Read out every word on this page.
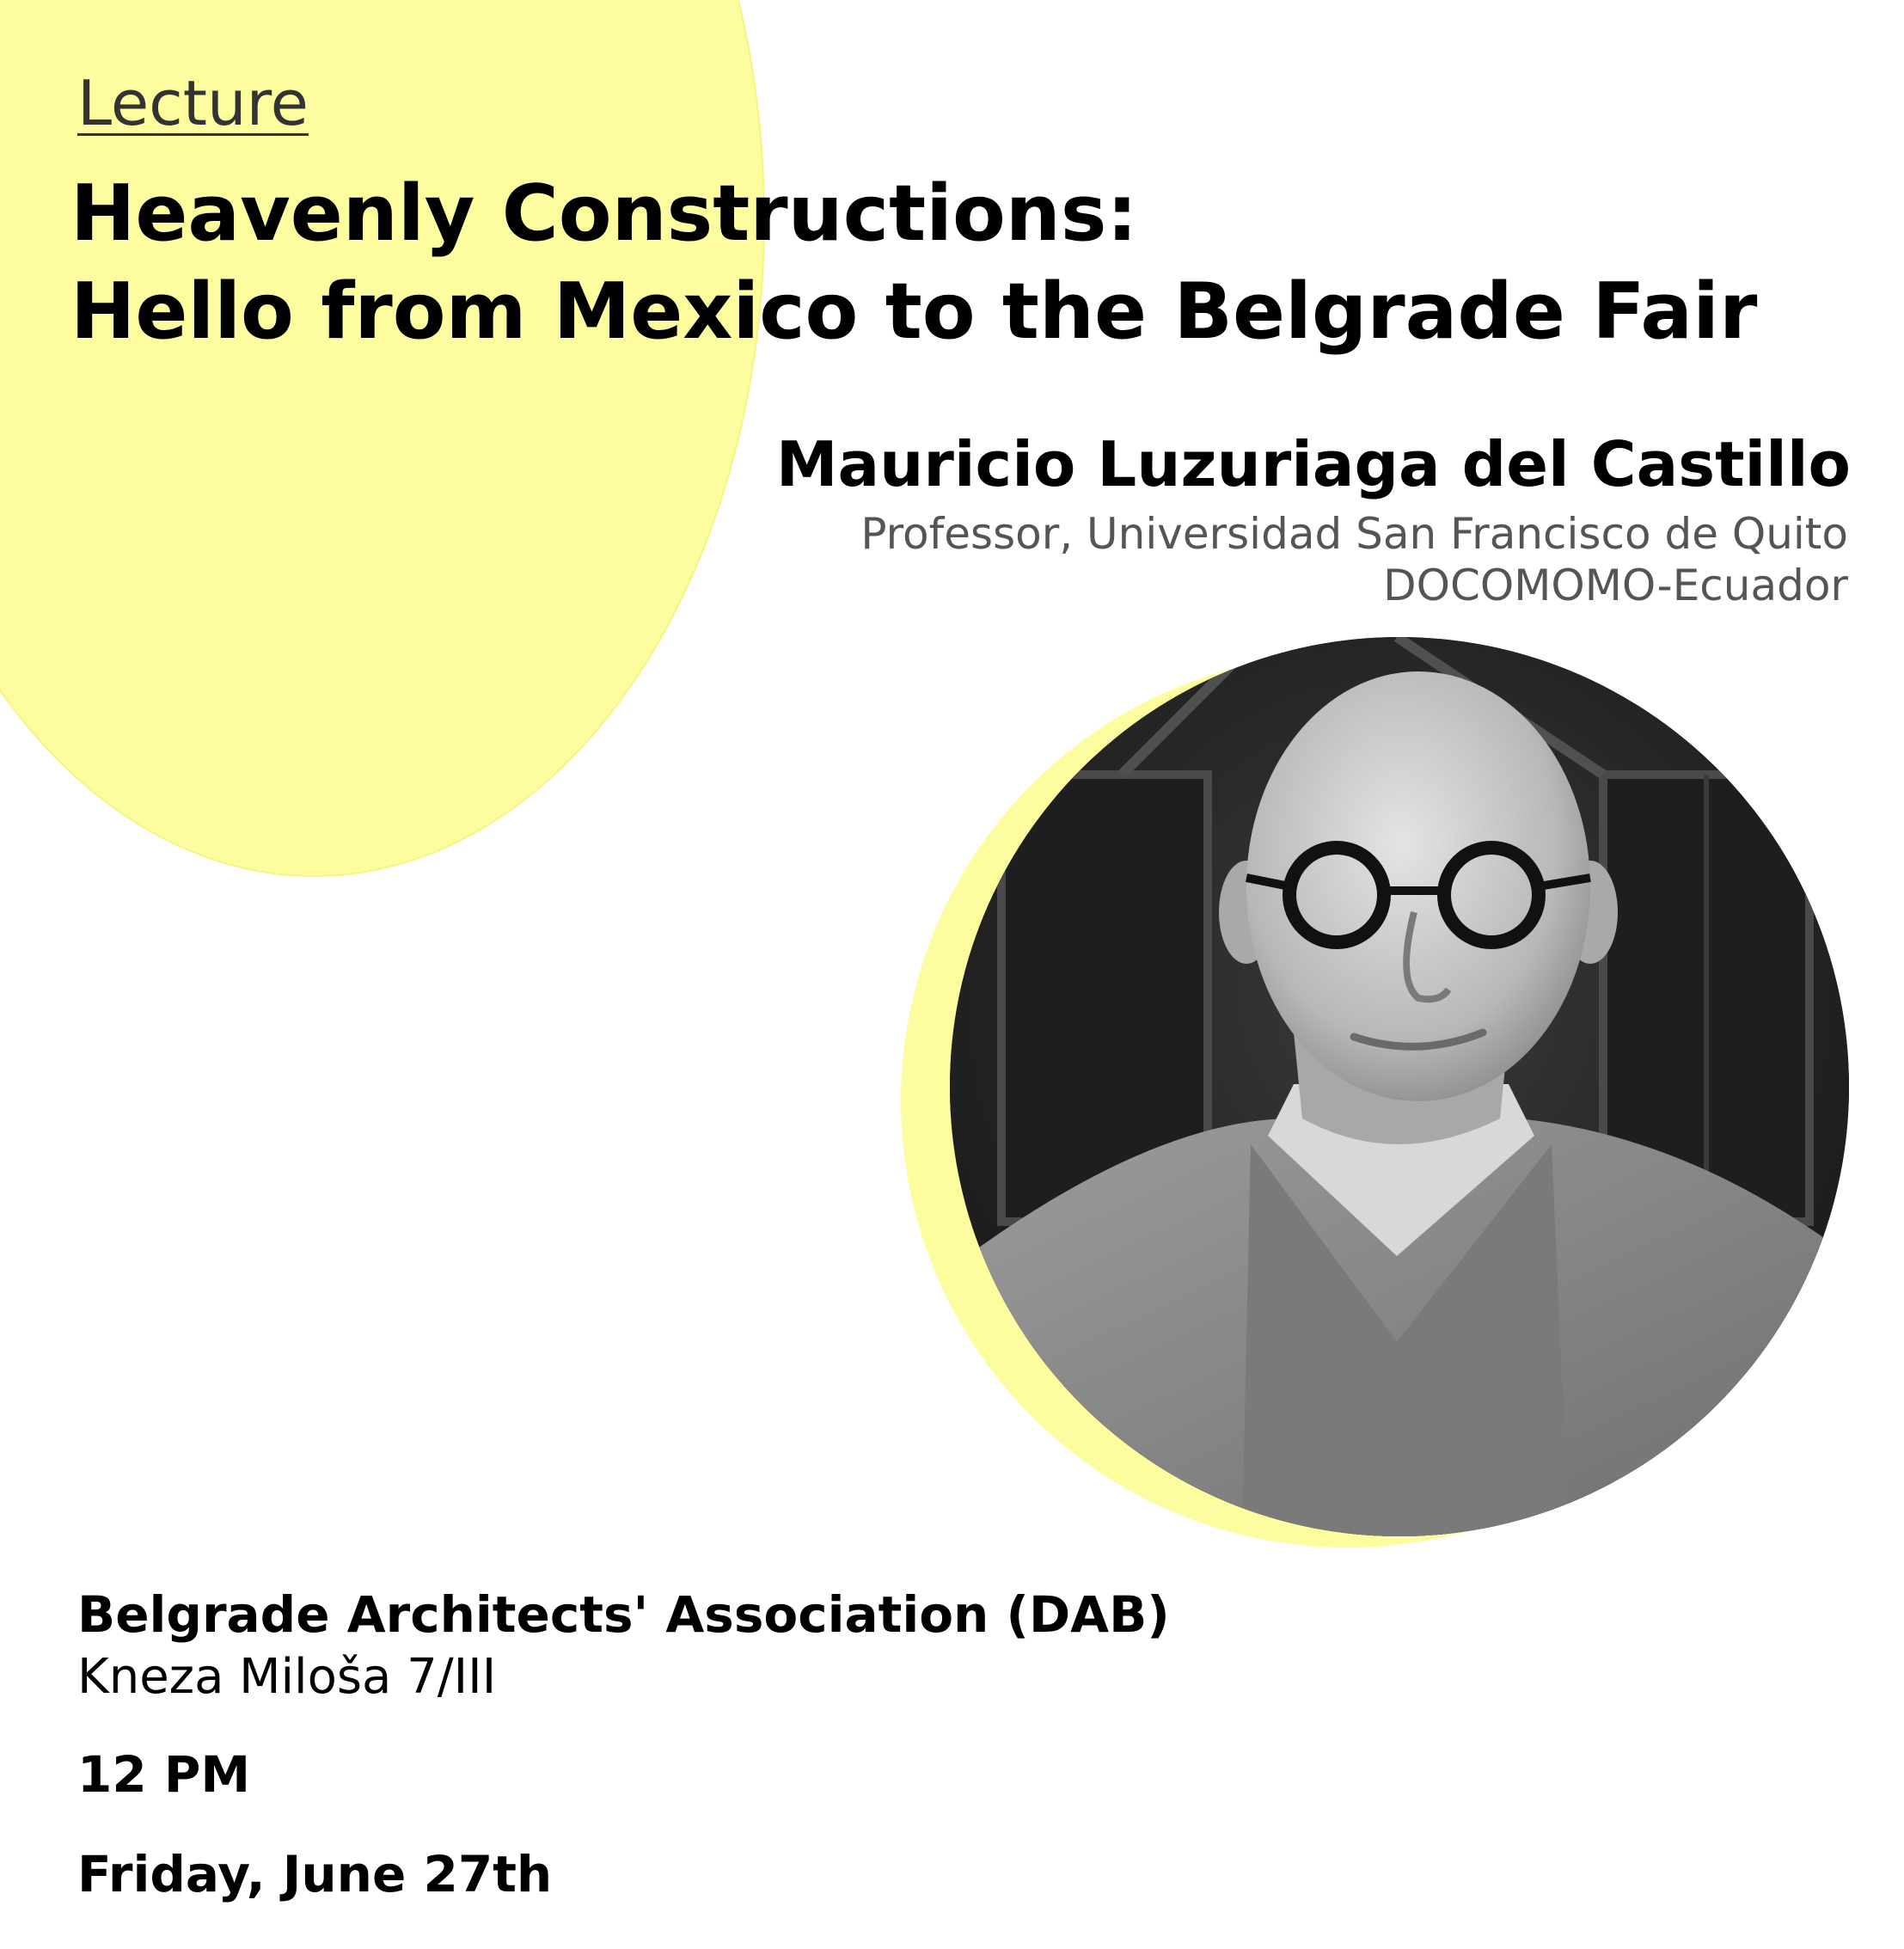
Lecture
Heavenly Constructions:
Hello from Mexico to the Belgrade Fair
Mauricio Luzuriaga del Castillo
Professor, Universidad San Francisco de Quito
DOCOMOMO-Ecuador
Belgrade Architects' Association (DAB)
Kneza Miloša 7/III
12 PM
Friday, June 27th
